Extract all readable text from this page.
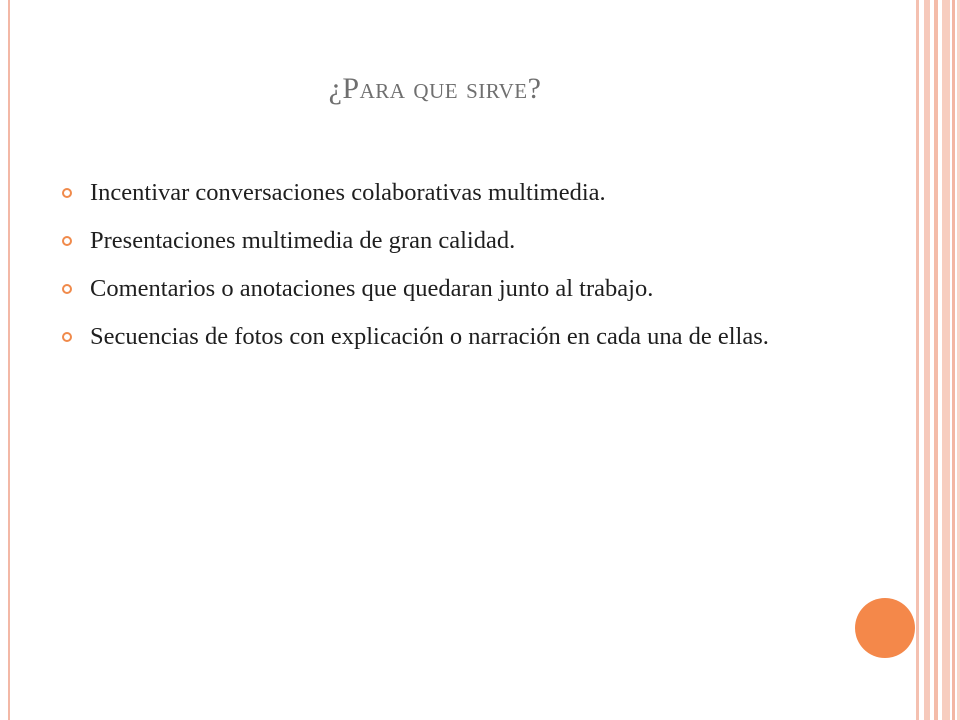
¿Para que sirve?
Incentivar conversaciones colaborativas multimedia.
Presentaciones multimedia de gran calidad.
Comentarios o anotaciones que quedaran junto al trabajo.
Secuencias de fotos con explicación o narración en cada una de ellas.
